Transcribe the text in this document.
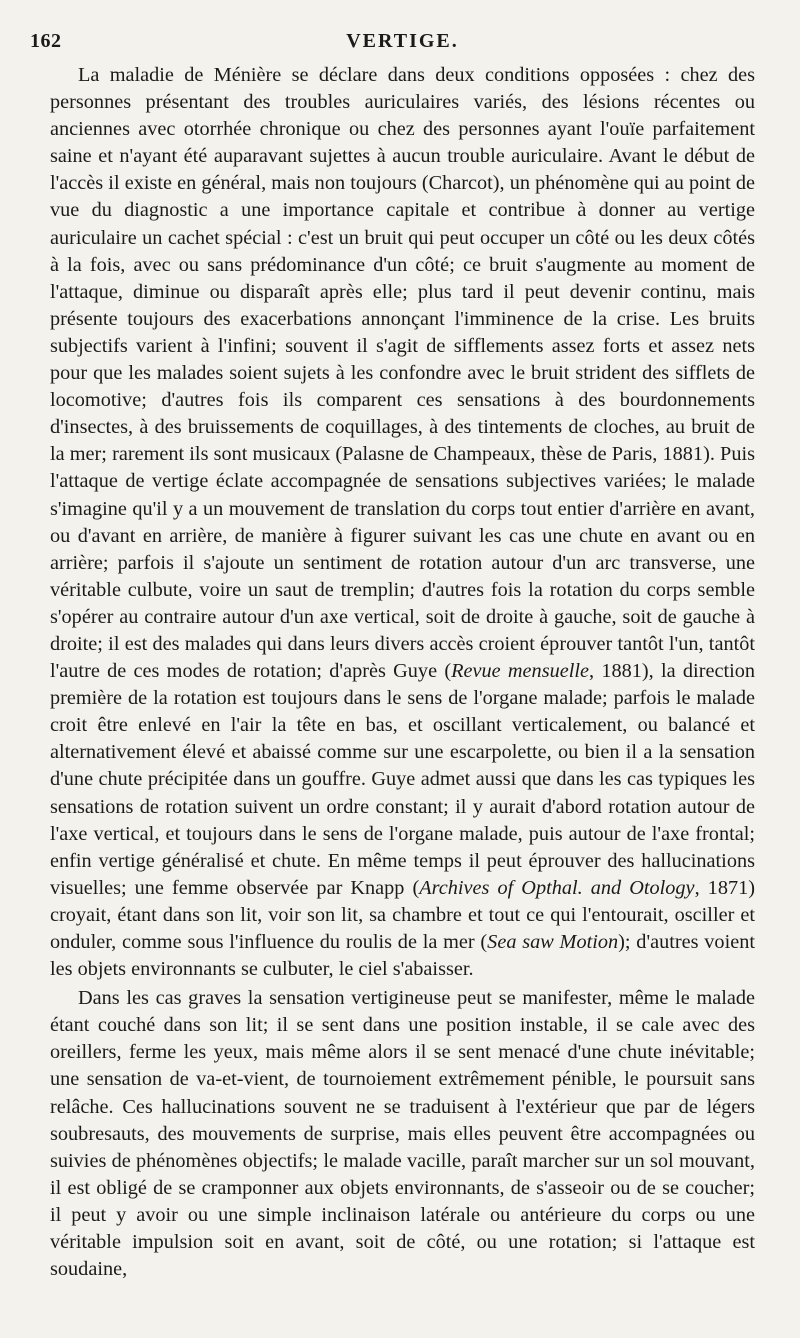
162	VERTIGE.

La maladie de Ménière se déclare dans deux conditions opposées : chez des personnes présentant des troubles auriculaires variés, des lésions récentes ou anciennes avec otorrhée chronique ou chez des personnes ayant l'ouïe parfaitement saine et n'ayant été auparavant sujettes à aucun trouble auriculaire. Avant le début de l'accès il existe en général, mais non toujours (Charcot), un phénomène qui au point de vue du diagnostic a une importance capitale et contribue à donner au vertige auriculaire un cachet spécial : c'est un bruit qui peut occuper un côté ou les deux côtés à la fois, avec ou sans prédominance d'un côté; ce bruit s'augmente au moment de l'attaque, diminue ou disparaît après elle; plus tard il peut devenir continu, mais présente toujours des exacerbations annonçant l'imminence de la crise. Les bruits subjectifs varient à l'infini; souvent il s'agit de sifflements assez forts et assez nets pour que les malades soient sujets à les confondre avec le bruit strident des sifflets de locomotive; d'autres fois ils comparent ces sensations à des bourdonnements d'insectes, à des bruissements de coquillages, à des tintements de cloches, au bruit de la mer; rarement ils sont musicaux (Palasne de Champeaux, thèse de Paris, 1881). Puis l'attaque de vertige éclate accompagnée de sensations subjectives variées; le malade s'imagine qu'il y a un mouvement de translation du corps tout entier d'arrière en avant, ou d'avant en arrière, de manière à figurer suivant les cas une chute en avant ou en arrière; parfois il s'ajoute un sentiment de rotation autour d'un arc transverse, une véritable culbute, voire un saut de tremplin; d'autres fois la rotation du corps semble s'opérer au contraire autour d'un axe vertical, soit de droite à gauche, soit de gauche à droite; il est des malades qui dans leurs divers accès croient éprouver tantôt l'un, tantôt l'autre de ces modes de rotation; d'après Guye (Revue mensuelle, 1881), la direction première de la rotation est toujours dans le sens de l'organe malade; parfois le malade croit être enlevé en l'air la tête en bas, et oscillant verticalement, ou balancé et alternativement élevé et abaissé comme sur une escarpolette, ou bien il a la sensation d'une chute précipitée dans un gouffre. Guye admet aussi que dans les cas typiques les sensations de rotation suivent un ordre constant; il y aurait d'abord rotation autour de l'axe vertical, et toujours dans le sens de l'organe malade, puis autour de l'axe frontal; enfin vertige généralisé et chute. En même temps il peut éprouver des hallucinations visuelles; une femme observée par Knapp (Archives of Opthal. and Otology, 1871) croyait, étant dans son lit, voir son lit, sa chambre et tout ce qui l'entourait, osciller et onduler, comme sous l'influence du roulis de la mer (Sea saw Motion); d'autres voient les objets environnants se culbuter, le ciel s'abaisser.

Dans les cas graves la sensation vertigineuse peut se manifester, même le malade étant couché dans son lit; il se sent dans une position instable, il se cale avec des oreillers, ferme les yeux, mais même alors il se sent menacé d'une chute inévitable; une sensation de va-et-vient, de tournoiement extrêmement pénible, le poursuit sans relâche. Ces hallucinations souvent ne se traduisent à l'extérieur que par de légers soubresauts, des mouvements de surprise, mais elles peuvent être accompagnées ou suivies de phénomènes objectifs; le malade vacille, paraît marcher sur un sol mouvant, il est obligé de se cramponner aux objets environnants, de s'asseoir ou de se coucher; il peut y avoir ou une simple inclinaison latérale ou antérieure du corps ou une véritable impulsion soit en avant, soit de côté, ou une rotation; si l'attaque est soudaine,
